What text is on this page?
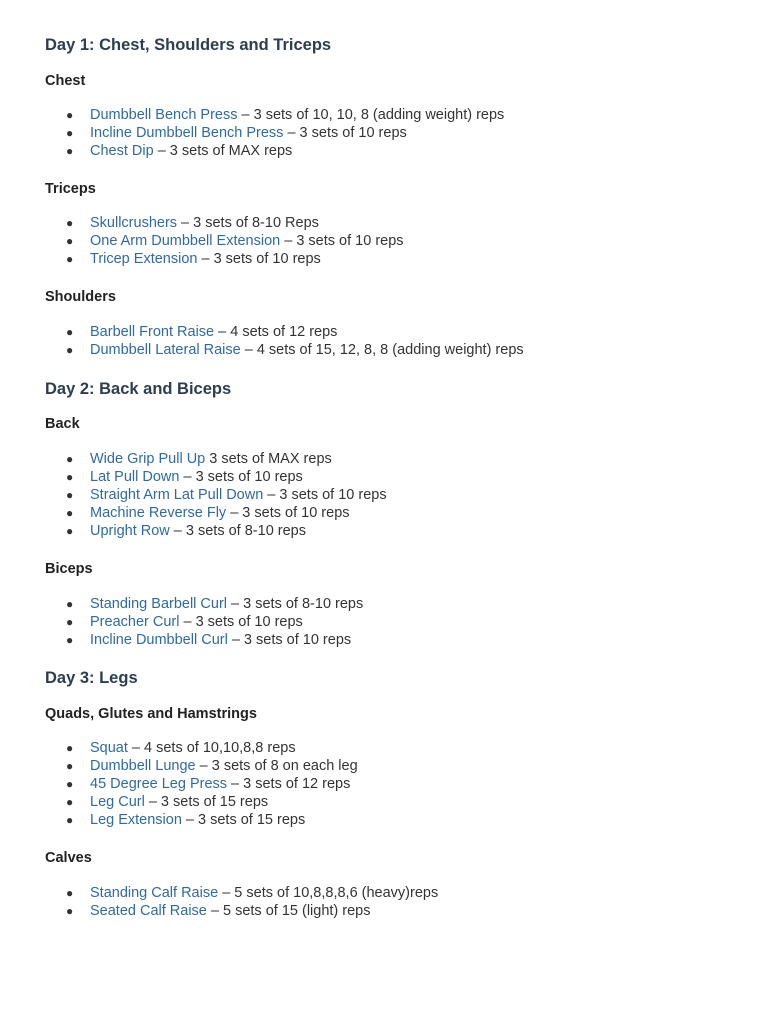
Day 1: Chest, Shoulders and Triceps
Chest
● Dumbbell Bench Press – 3 sets of 10, 10, 8 (adding weight) reps
● Incline Dumbbell Bench Press – 3 sets of 10 reps
● Chest Dip – 3 sets of MAX reps
Triceps
● Skullcrushers – 3 sets of 8-10 Reps
● One Arm Dumbbell Extension – 3 sets of 10 reps
● Tricep Extension – 3 sets of 10 reps
Shoulders
● Barbell Front Raise – 4 sets of 12 reps
● Dumbbell Lateral Raise – 4 sets of 15, 12, 8, 8 (adding weight) reps
Day 2: Back and Biceps
Back
● Wide Grip Pull Up 3 sets of MAX reps
● Lat Pull Down – 3 sets of 10 reps
● Straight Arm Lat Pull Down – 3 sets of 10 reps
● Machine Reverse Fly – 3 sets of 10 reps
● Upright Row – 3 sets of 8-10 reps
Biceps
● Standing Barbell Curl – 3 sets of 8-10 reps
● Preacher Curl – 3 sets of 10 reps
● Incline Dumbbell Curl – 3 sets of 10 reps
Day 3: Legs
Quads, Glutes and Hamstrings
● Squat – 4 sets of 10,10,8,8 reps
● Dumbbell Lunge – 3 sets of 8 on each leg
● 45 Degree Leg Press – 3 sets of 12 reps
● Leg Curl – 3 sets of 15 reps
● Leg Extension – 3 sets of 15 reps
Calves
● Standing Calf Raise – 5 sets of 10,8,8,8,6 (heavy)reps
● Seated Calf Raise – 5 sets of 15 (light) reps
